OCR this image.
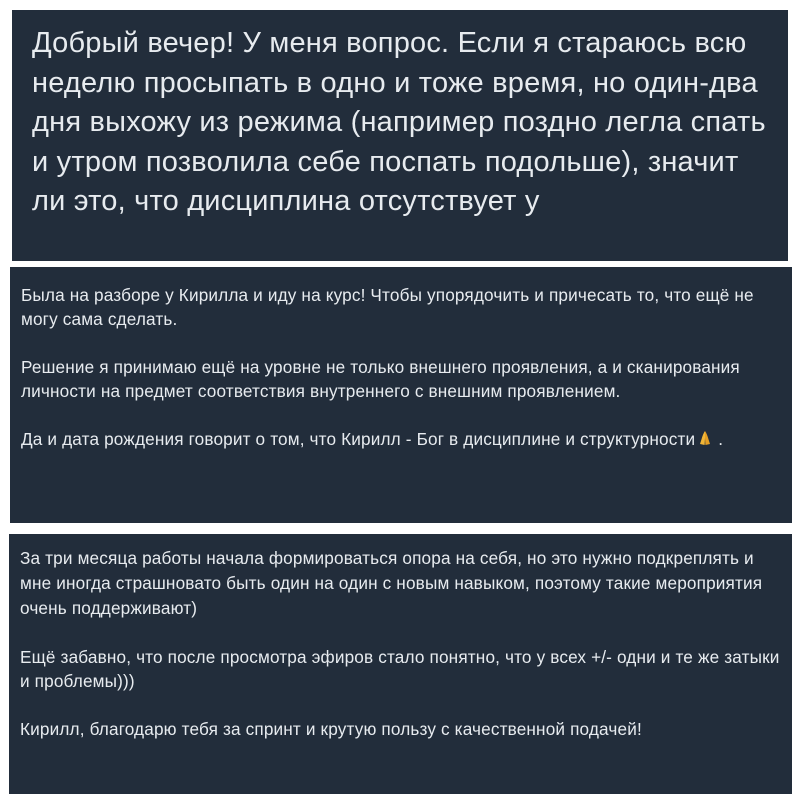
Добрый вечер! У меня вопрос. Если я стараюсь всю неделю просыпать в одно и тоже время, но один-два дня выхожу из режима (например поздно легла спать и утром позволила себе поспать подольше), значит ли это, что дисциплина отсутствует у

Была на разборе у Кирилла и иду на курс! Чтобы упорядочить и причесать то, что ещё не могу сама сделать.

Решение я принимаю ещё на уровне не только внешнего проявления, а и сканирования личности на предмет соответствия внутреннего с внешним проявлением.

Да и дата рождения говорит о том, что Кирилл - Бог в дисциплине и структурности .

За три месяца работы начала формироваться опора на себя, но это нужно подкреплять и мне иногда страшновато быть один на один с новым навыком, поэтому такие мероприятия очень поддерживают)

Ещё забавно, что после просмотра эфиров стало понятно, что у всех +/- одни и те же затыки и проблемы)))

Кирилл, благодарю тебя за спринт и крутую пользу с качественной подачей!
